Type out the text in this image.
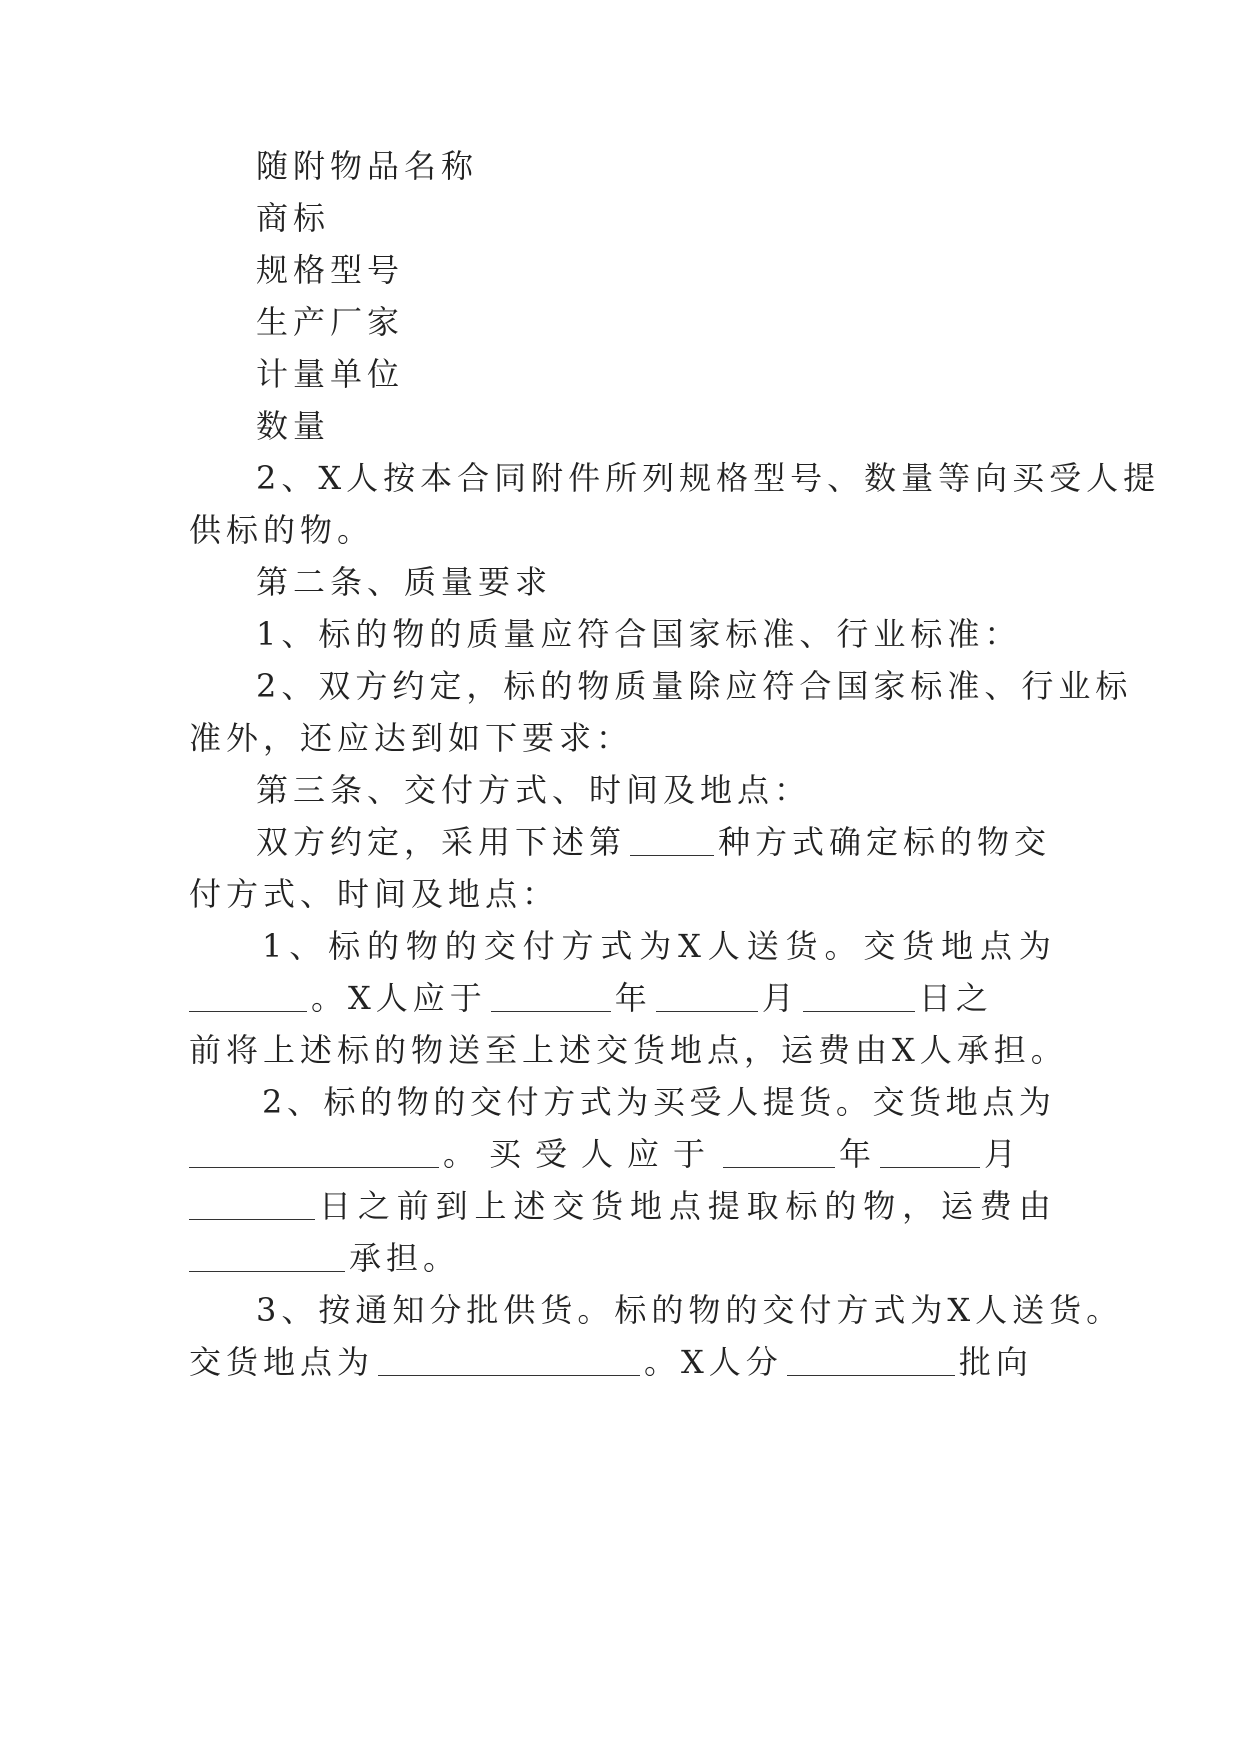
随附物品名称
商标
规格型号
生产厂家
计量单位
数量
2、X人按本合同附件所列规格型号、数量等向买受人提
供标的物。
第二条、质量要求
1、标的物的质量应符合国家标准、行业标准：
2、双方约定，标的物质量除应符合国家标准、行业标
准外，还应达到如下要求：
第三条、交付方式、时间及地点：
双方约定，采用下述第	种方式确定标的物交
付方式、时间及地点：
1 、 标 的 物 的 交 付 方 式 为 X 人 送 货 。 交 货 地 点 为
。X人应于	年	月	日之
前将上述标的物送至上述交货地点，运费由X人承担。
2 、 标 的 物 的 交 付 方 式 为 买 受 人 提 货 。 交 货 地 点 为
。买受人应于	年	月
日 之 前 到 上 述 交 货 地 点 提 取 标 的 物 ， 运 费 由
承担。
3、按通知分批供货。标的物的交付方式为X人送货。
交货地点为	。X人分	批向
